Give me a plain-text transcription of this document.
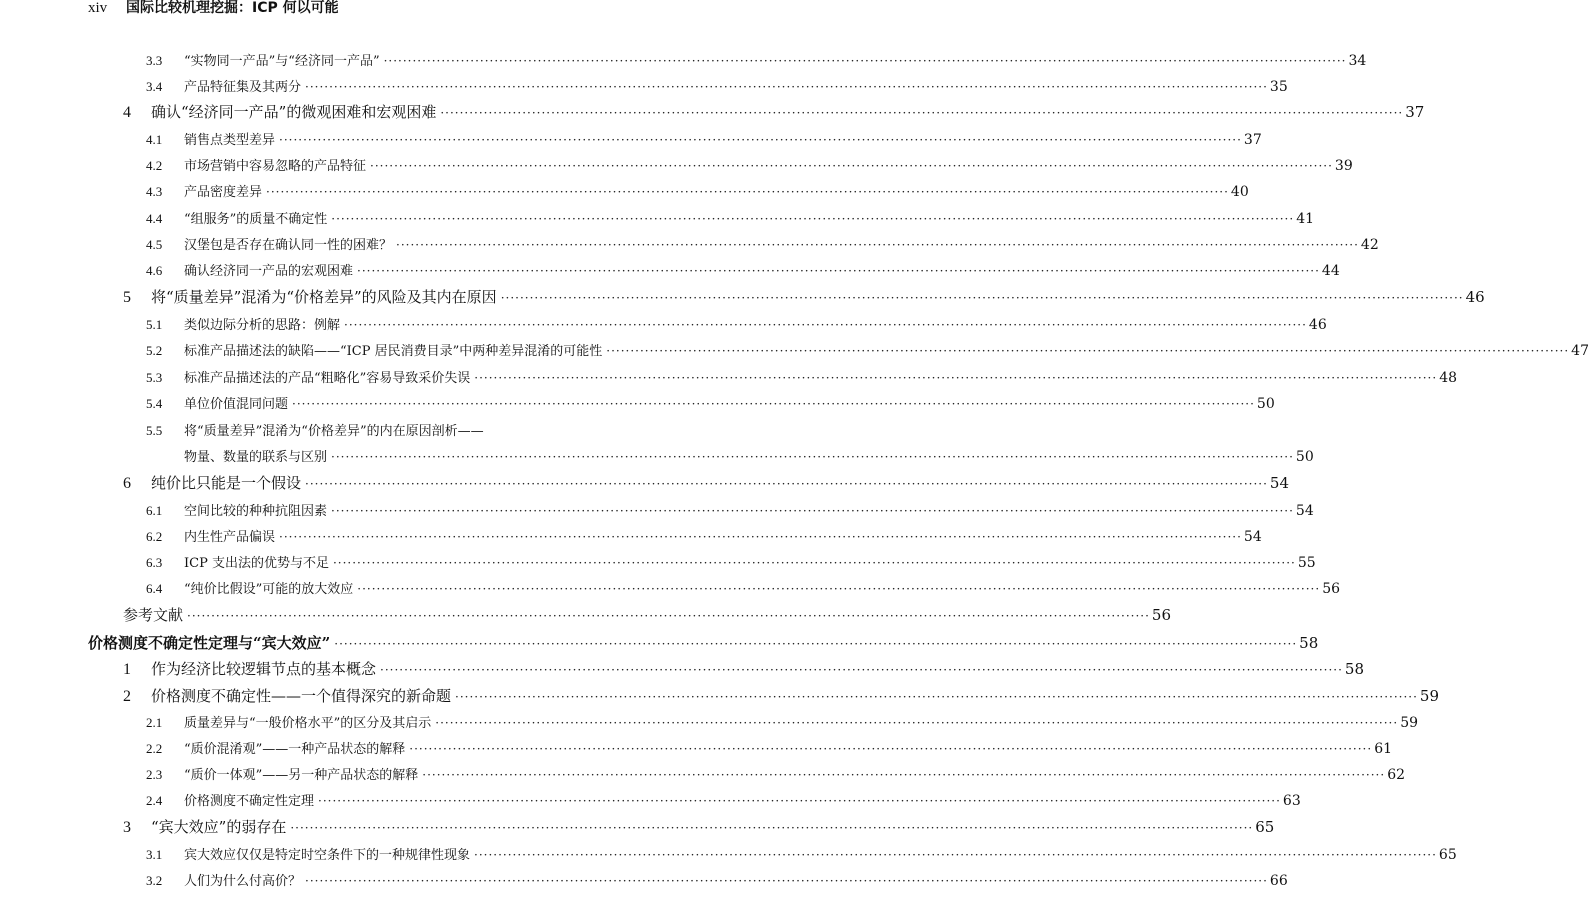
xiv 国际比较机理挖掘：ICP 何以可能
3.3	“实物同一产品”与“经济同一产品” ········································································································································································································ 34
3.4	产品特征集及其两分 ········································································································································································································ 35
4	确认“经济同一产品”的微观困难和宏观困难 ········································································································································································································ 37
4.1	销售点类型差异 ········································································································································································································ 37
4.2	市场营销中容易忽略的产品特征 ········································································································································································································ 39
4.3	产品密度差异 ········································································································································································································ 40
4.4	“组服务”的质量不确定性 ········································································································································································································ 41
4.5	汉堡包是否存在确认同一性的困难？ ········································································································································································································ 42
4.6	确认经济同一产品的宏观困难 ········································································································································································································ 44
5	将“质量差异”混淆为“价格差异”的风险及其内在原因 ········································································································································································································ 46
5.1	类似边际分析的思路：例解 ········································································································································································································ 46
5.2	标准产品描述法的缺陷——“ICP 居民消费目录”中两种差异混淆的可能性 ········································································································································································································ 47
5.3	标准产品描述法的产品“粗略化”容易导致采价失误 ········································································································································································································ 48
5.4	单位价值混同问题 ········································································································································································································ 50
5.5	将“质量差异”混淆为“价格差异”的内在原因剖析——
物量、数量的联系与区别 ········································································································································································································ 50
6	纯价比只能是一个假设 ········································································································································································································ 54
6.1	空间比较的种种抗阻因素 ········································································································································································································ 54
6.2	内生性产品偏误 ········································································································································································································ 54
6.3	ICP 支出法的优势与不足 ········································································································································································································ 55
6.4	“纯价比假设”可能的放大效应 ········································································································································································································ 56
参考文献 ········································································································································································································ 56
价格测度不确定性定理与“宾大效应” ········································································································································································································ 58
1	作为经济比较逻辑节点的基本概念 ········································································································································································································ 58
2	价格测度不确定性——一个值得深究的新命题 ········································································································································································································ 59
2.1	质量差异与“一般价格水平”的区分及其启示 ········································································································································································································ 59
2.2	“质价混淆观”——一种产品状态的解释 ········································································································································································································ 61
2.3	“质价一体观”——另一种产品状态的解释 ········································································································································································································ 62
2.4	价格测度不确定性定理 ········································································································································································································ 63
3	“宾大效应”的弱存在 ········································································································································································································ 65
3.1	宾大效应仅仅是特定时空条件下的一种规律性现象 ········································································································································································································ 65
3.2	人们为什么付高价？ ········································································································································································································ 66
